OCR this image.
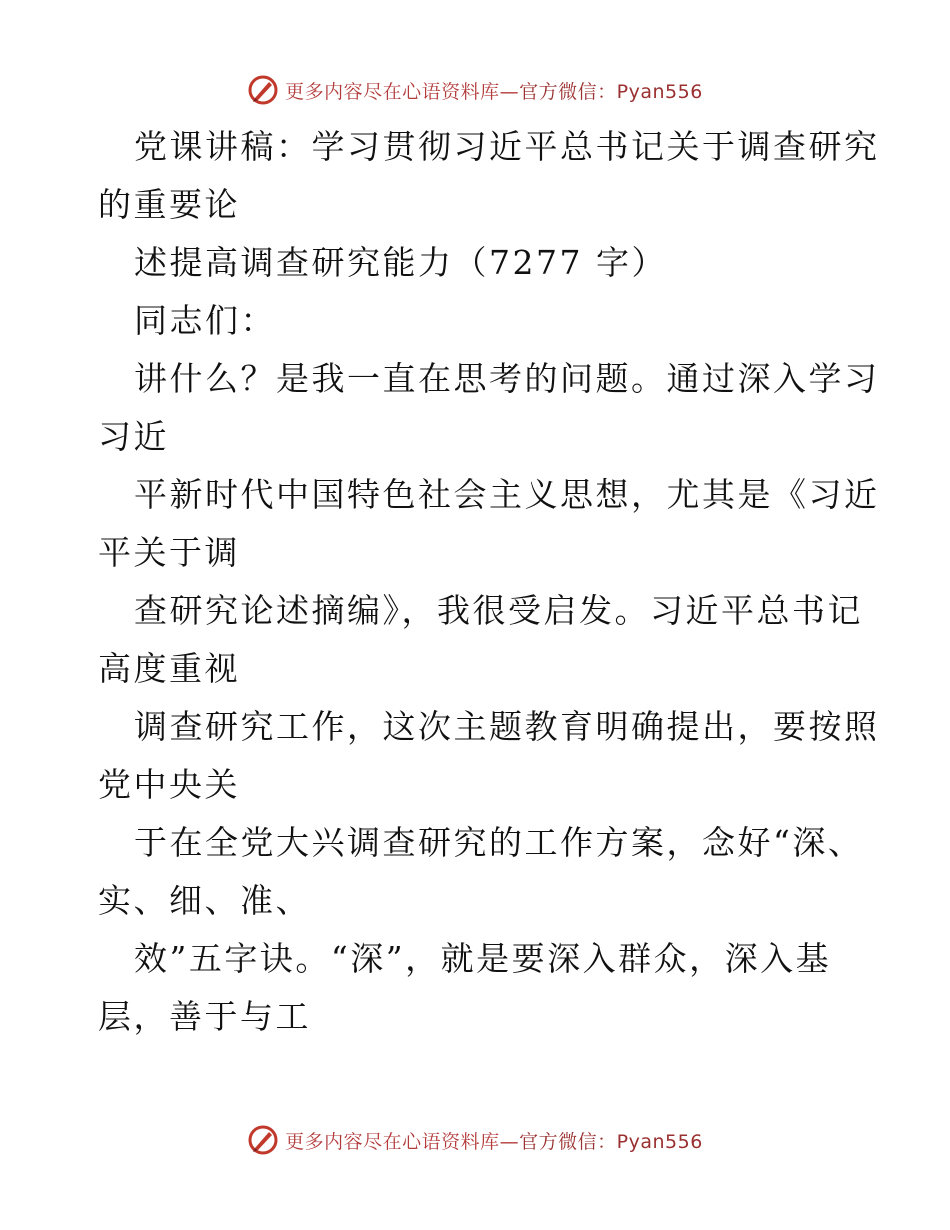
更多内容尽在心语资料库—官方微信：Pyan556
党课讲稿：学习贯彻习近平总书记关于调查研究
的重要论
述提高调查研究能力（7277 字）
同志们：
讲什么？是我一直在思考的问题。通过深入学习
习近
平新时代中国特色社会主义思想，尤其是《习近
平关于调
查研究论述摘编》，我很受启发。习近平总书记
高度重视
调查研究工作，这次主题教育明确提出，要按照
党中央关
于在全党大兴调查研究的工作方案，念好“深、
实、细、准、
效”五字诀。“深”，就是要深入群众，深入基
层，善于与工
更多内容尽在心语资料库—官方微信：Pyan556
